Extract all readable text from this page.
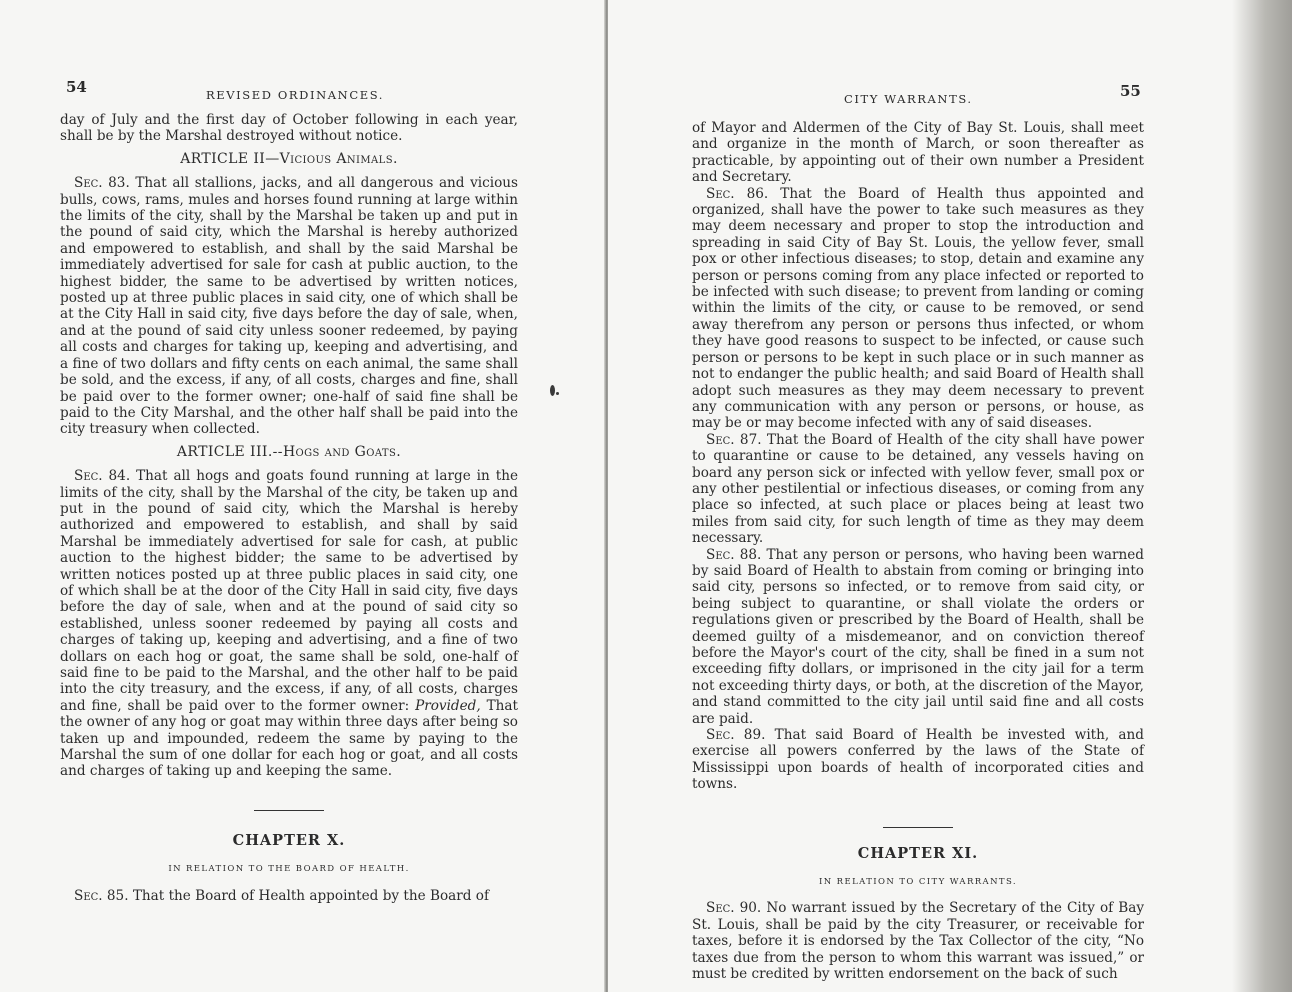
54	REVISED ORDINANCES.

day of July and the first day of October following in each year, shall be by the Marshal destroyed without notice.

ARTICLE II—Vicious Animals.

Sec. 83. That all stallions, jacks, and all dangerous and vicious bulls, cows, rams, mules and horses found running at large within the limits of the city, shall by the Marshal be taken up and put in the pound of said city, which the Marshal is hereby authorized and empowered to establish, and shall by the said Marshal be immediately advertised for sale for cash at public auction, to the highest bidder, the same to be advertised by written notices, posted up at three public places in said city, one of which shall be at the City Hall in said city, five days before the day of sale, when, and at the pound of said city unless sooner redeemed, by paying all costs and charges for taking up, keeping and advertising, and a fine of two dollars and fifty cents on each animal, the same shall be sold, and the excess, if any, of all costs, charges and fine, shall be paid over to the former owner; one-half of said fine shall be paid to the City Marshal, and the other half shall be paid into the city treasury when collected.

ARTICLE III.--Hogs and Goats.

Sec. 84. That all hogs and goats found running at large in the limits of the city, shall by the Marshal of the city, be taken up and put in the pound of said city, which the Marshal is hereby authorized and empowered to establish, and shall by said Marshal be immediately advertised for sale for cash, at public auction to the highest bidder; the same to be advertised by written notices posted up at three public places in said city, one of which shall be at the door of the City Hall in said city, five days before the day of sale, when and at the pound of said city so established, unless sooner redeemed by paying all costs and charges of taking up, keeping and advertising, and a fine of two dollars on each hog or goat, the same shall be sold, one-half of said fine to be paid to the Marshal, and the other half to be paid into the city treasury, and the excess, if any, of all costs, charges and fine, shall be paid over to the former owner: Provided, That the owner of any hog or goat may within three days after being so taken up and impounded, redeem the same by paying to the Marshal the sum of one dollar for each hog or goat, and all costs and charges of taking up and keeping the same.

CHAPTER X.
IN RELATION TO THE BOARD OF HEALTH.

Sec. 85. That the Board of Health appointed by the Board of

CITY WARRANTS.	55

of Mayor and Aldermen of the City of Bay St. Louis, shall meet and organize in the month of March, or soon thereafter as practicable, by appointing out of their own number a President and Secretary.

Sec. 86. That the Board of Health thus appointed and organized, shall have the power to take such measures as they may deem necessary and proper to stop the introduction and spreading in said City of Bay St. Louis, the yellow fever, small pox or other infectious diseases; to stop, detain and examine any person or persons coming from any place infected or reported to be infected with such disease; to prevent from landing or coming within the limits of the city, or cause to be removed, or send away therefrom any person or persons thus infected, or whom they have good reasons to suspect to be infected, or cause such person or persons to be kept in such place or in such manner as not to endanger the public health; and said Board of Health shall adopt such measures as they may deem necessary to prevent any communication with any person or persons, or house, as may be or may become infected with any of said diseases.

Sec. 87. That the Board of Health of the city shall have power to quarantine or cause to be detained, any vessels having on board any person sick or infected with yellow fever, small pox or any other pestilential or infectious diseases, or coming from any place so infected, at such place or places being at least two miles from said city, for such length of time as they may deem necessary.

Sec. 88. That any person or persons, who having been warned by said Board of Health to abstain from coming or bringing into said city, persons so infected, or to remove from said city, or being subject to quarantine, or shall violate the orders or regulations given or prescribed by the Board of Health, shall be deemed guilty of a misdemeanor, and on conviction thereof before the Mayor's court of the city, shall be fined in a sum not exceeding fifty dollars, or imprisoned in the city jail for a term not exceeding thirty days, or both, at the discretion of the Mayor, and stand committed to the city jail until said fine and all costs are paid.

Sec. 89. That said Board of Health be invested with, and exercise all powers conferred by the laws of the State of Mississippi upon boards of health of incorporated cities and towns.

CHAPTER XI.
IN RELATION TO CITY WARRANTS.

Sec. 90. No warrant issued by the Secretary of the City of Bay St. Louis, shall be paid by the city Treasurer, or receivable for taxes, before it is endorsed by the Tax Collector of the city, “No taxes due from the person to whom this warrant was issued,” or must be credited by written endorsement on the back of such
